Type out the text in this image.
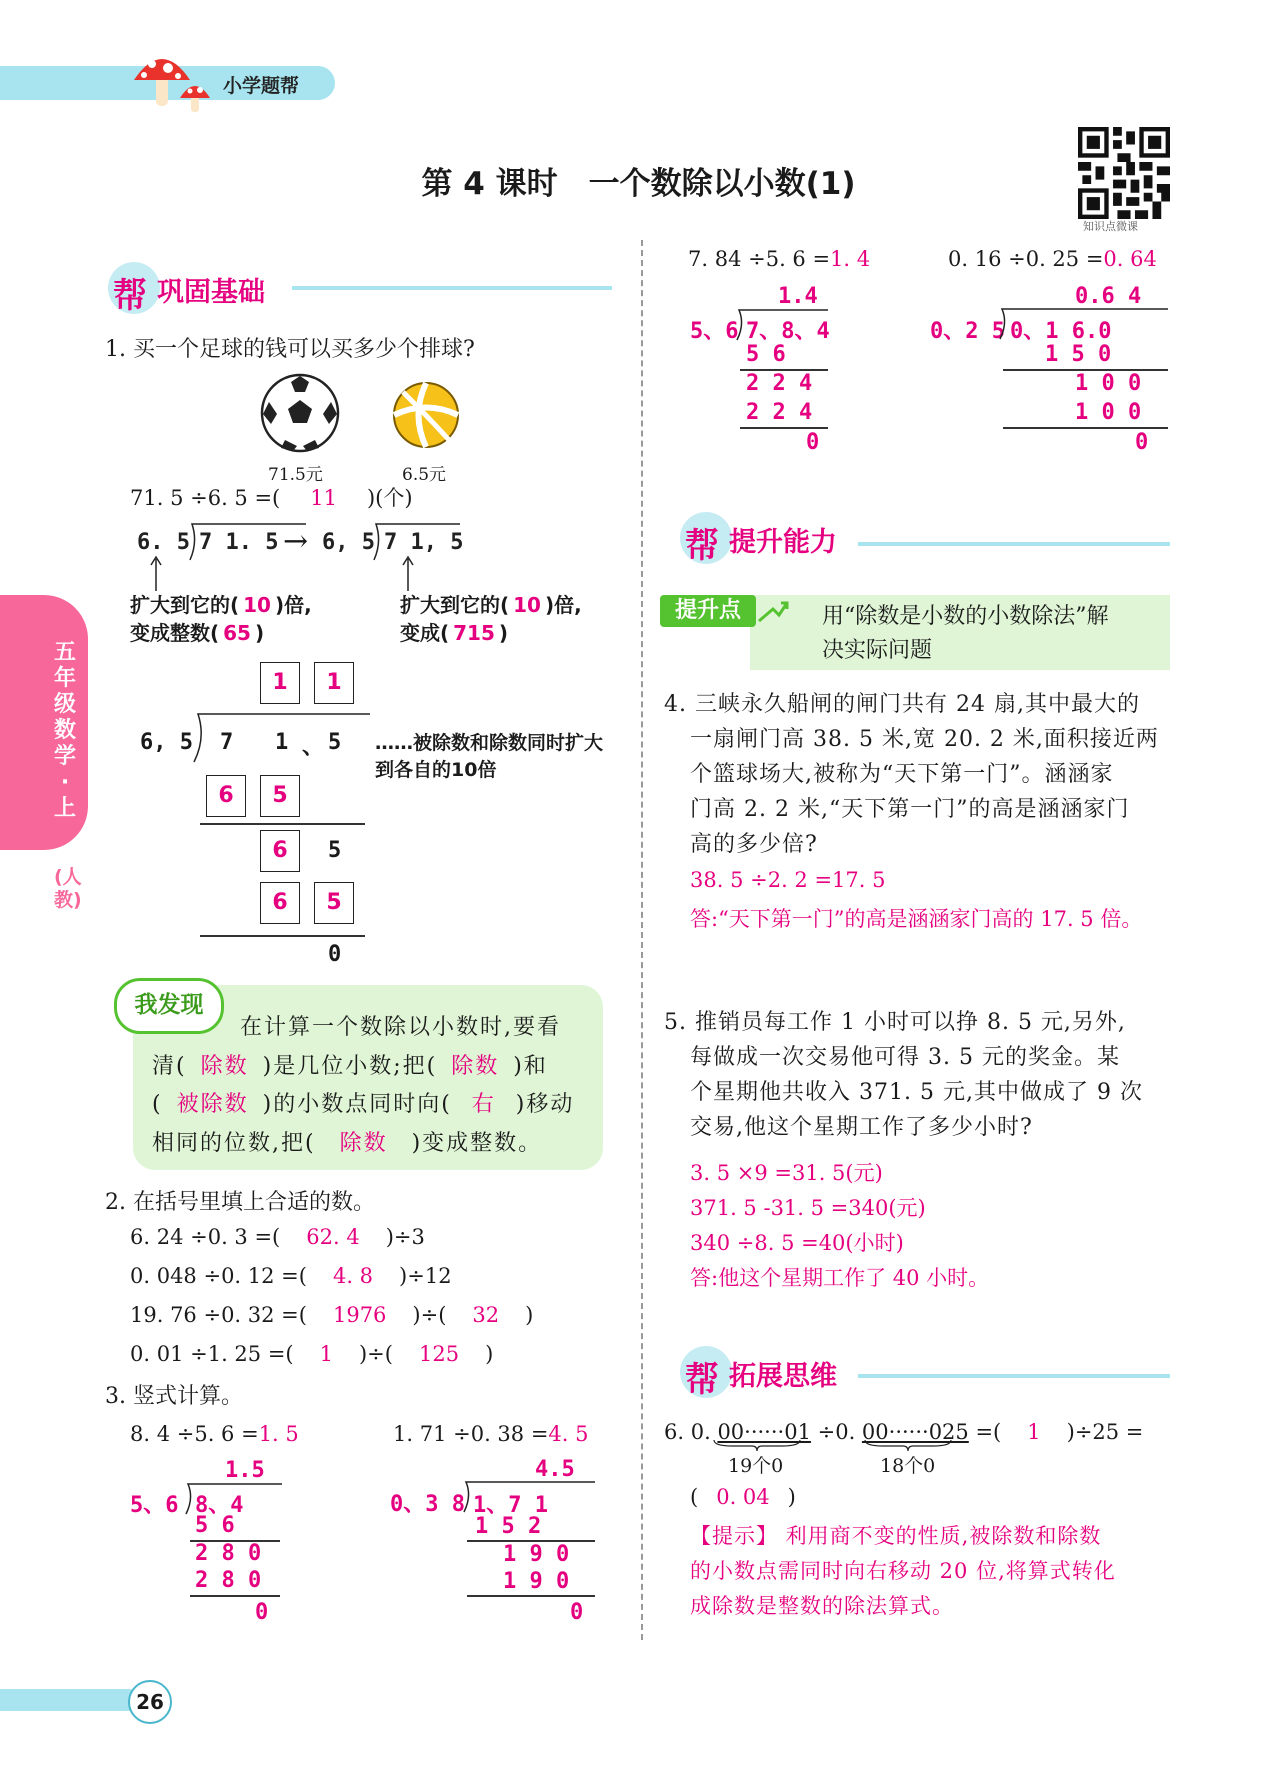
小学题帮
第 4 课时　一个数除以小数(1)
知识点微课
五年级数学·上
(人教)
帮 巩固基础
1. 买一个足球的钱可以买多少个排球?
71.5元	6.5元
71. 5 ÷6. 5 =( 11 )(个)
6. 5 7 1. 5 → 6, 5 7 1, 5
扩大到它的( 10 )倍,
变成整数( 65 )
扩大到它的( 10 )倍,
变成( 715 )
1	1
6, 5 7 1 、 5
6	5
6	5
6	5
0
……被除数和除数同时扩大到各自的10倍
我发现
在计算一个数除以小数时,要看
清( 除数 )是几位小数;把( 除数 )和
( 被除数 )的小数点同时向( 右 )移动
相同的位数,把( 除数 )变成整数。
2. 在括号里填上合适的数。
6. 24 ÷0. 3 =( 62. 4 )÷3
0. 048 ÷0. 12 =( 4. 8 )÷12
19. 76 ÷0. 32 =( 1976 )÷( 32 )
0. 01 ÷1. 25 =( 1 )÷( 125 )
3. 竖式计算。
8. 4 ÷5. 6 =1. 5	1. 71 ÷0. 38 =4. 5
7. 84 ÷5. 6 =1. 4	0. 16 ÷0. 25 =0. 64
1.5
5、6 8、4
5 6
2 8 0
2 8 0
0
4.5
0、3 8 1、7 1
1 5 2
1 9 0
1 9 0
0
1.4
5、6 7、8、4
5 6
2 2 4
2 2 4
0
0.6 4
0、2 5 0、1 6.0
1 5 0
1 0 0
1 0 0
0
帮 提升能力
提升点	用“除数是小数的小数除法”解
决实际问题
4. 三峡永久船闸的闸门共有 24 扇,其中最大的
一扇闸门高 38. 5 米,宽 20. 2 米,面积接近两
个篮球场大,被称为“天下第一门”。涵涵家
门高 2. 2 米,“天下第一门”的高是涵涵家门
高的多少倍?
38. 5 ÷2. 2 =17. 5
答:“天下第一门”的高是涵涵家门高的 17. 5 倍。
5. 推销员每工作 1 小时可以挣 8. 5 元,另外,
每做成一次交易他可得 3. 5 元的奖金。某
个星期他共收入 371. 5 元,其中做成了 9 次
交易,他这个星期工作了多少小时?
3. 5 ×9 =31. 5(元)
371. 5 -31. 5 =340(元)
340 ÷8. 5 =40(小时)
答:他这个星期工作了 40 小时。
帮 拓展思维
6. 0. 00······01 ÷0. 00······025 =( 1 )÷25 =
19个0	18个0
( 0. 04 )
【提示】 利用商不变的性质,被除数和除数
的小数点需同时向右移动 20 位,将算式转化
成除数是整数的除法算式。
26
